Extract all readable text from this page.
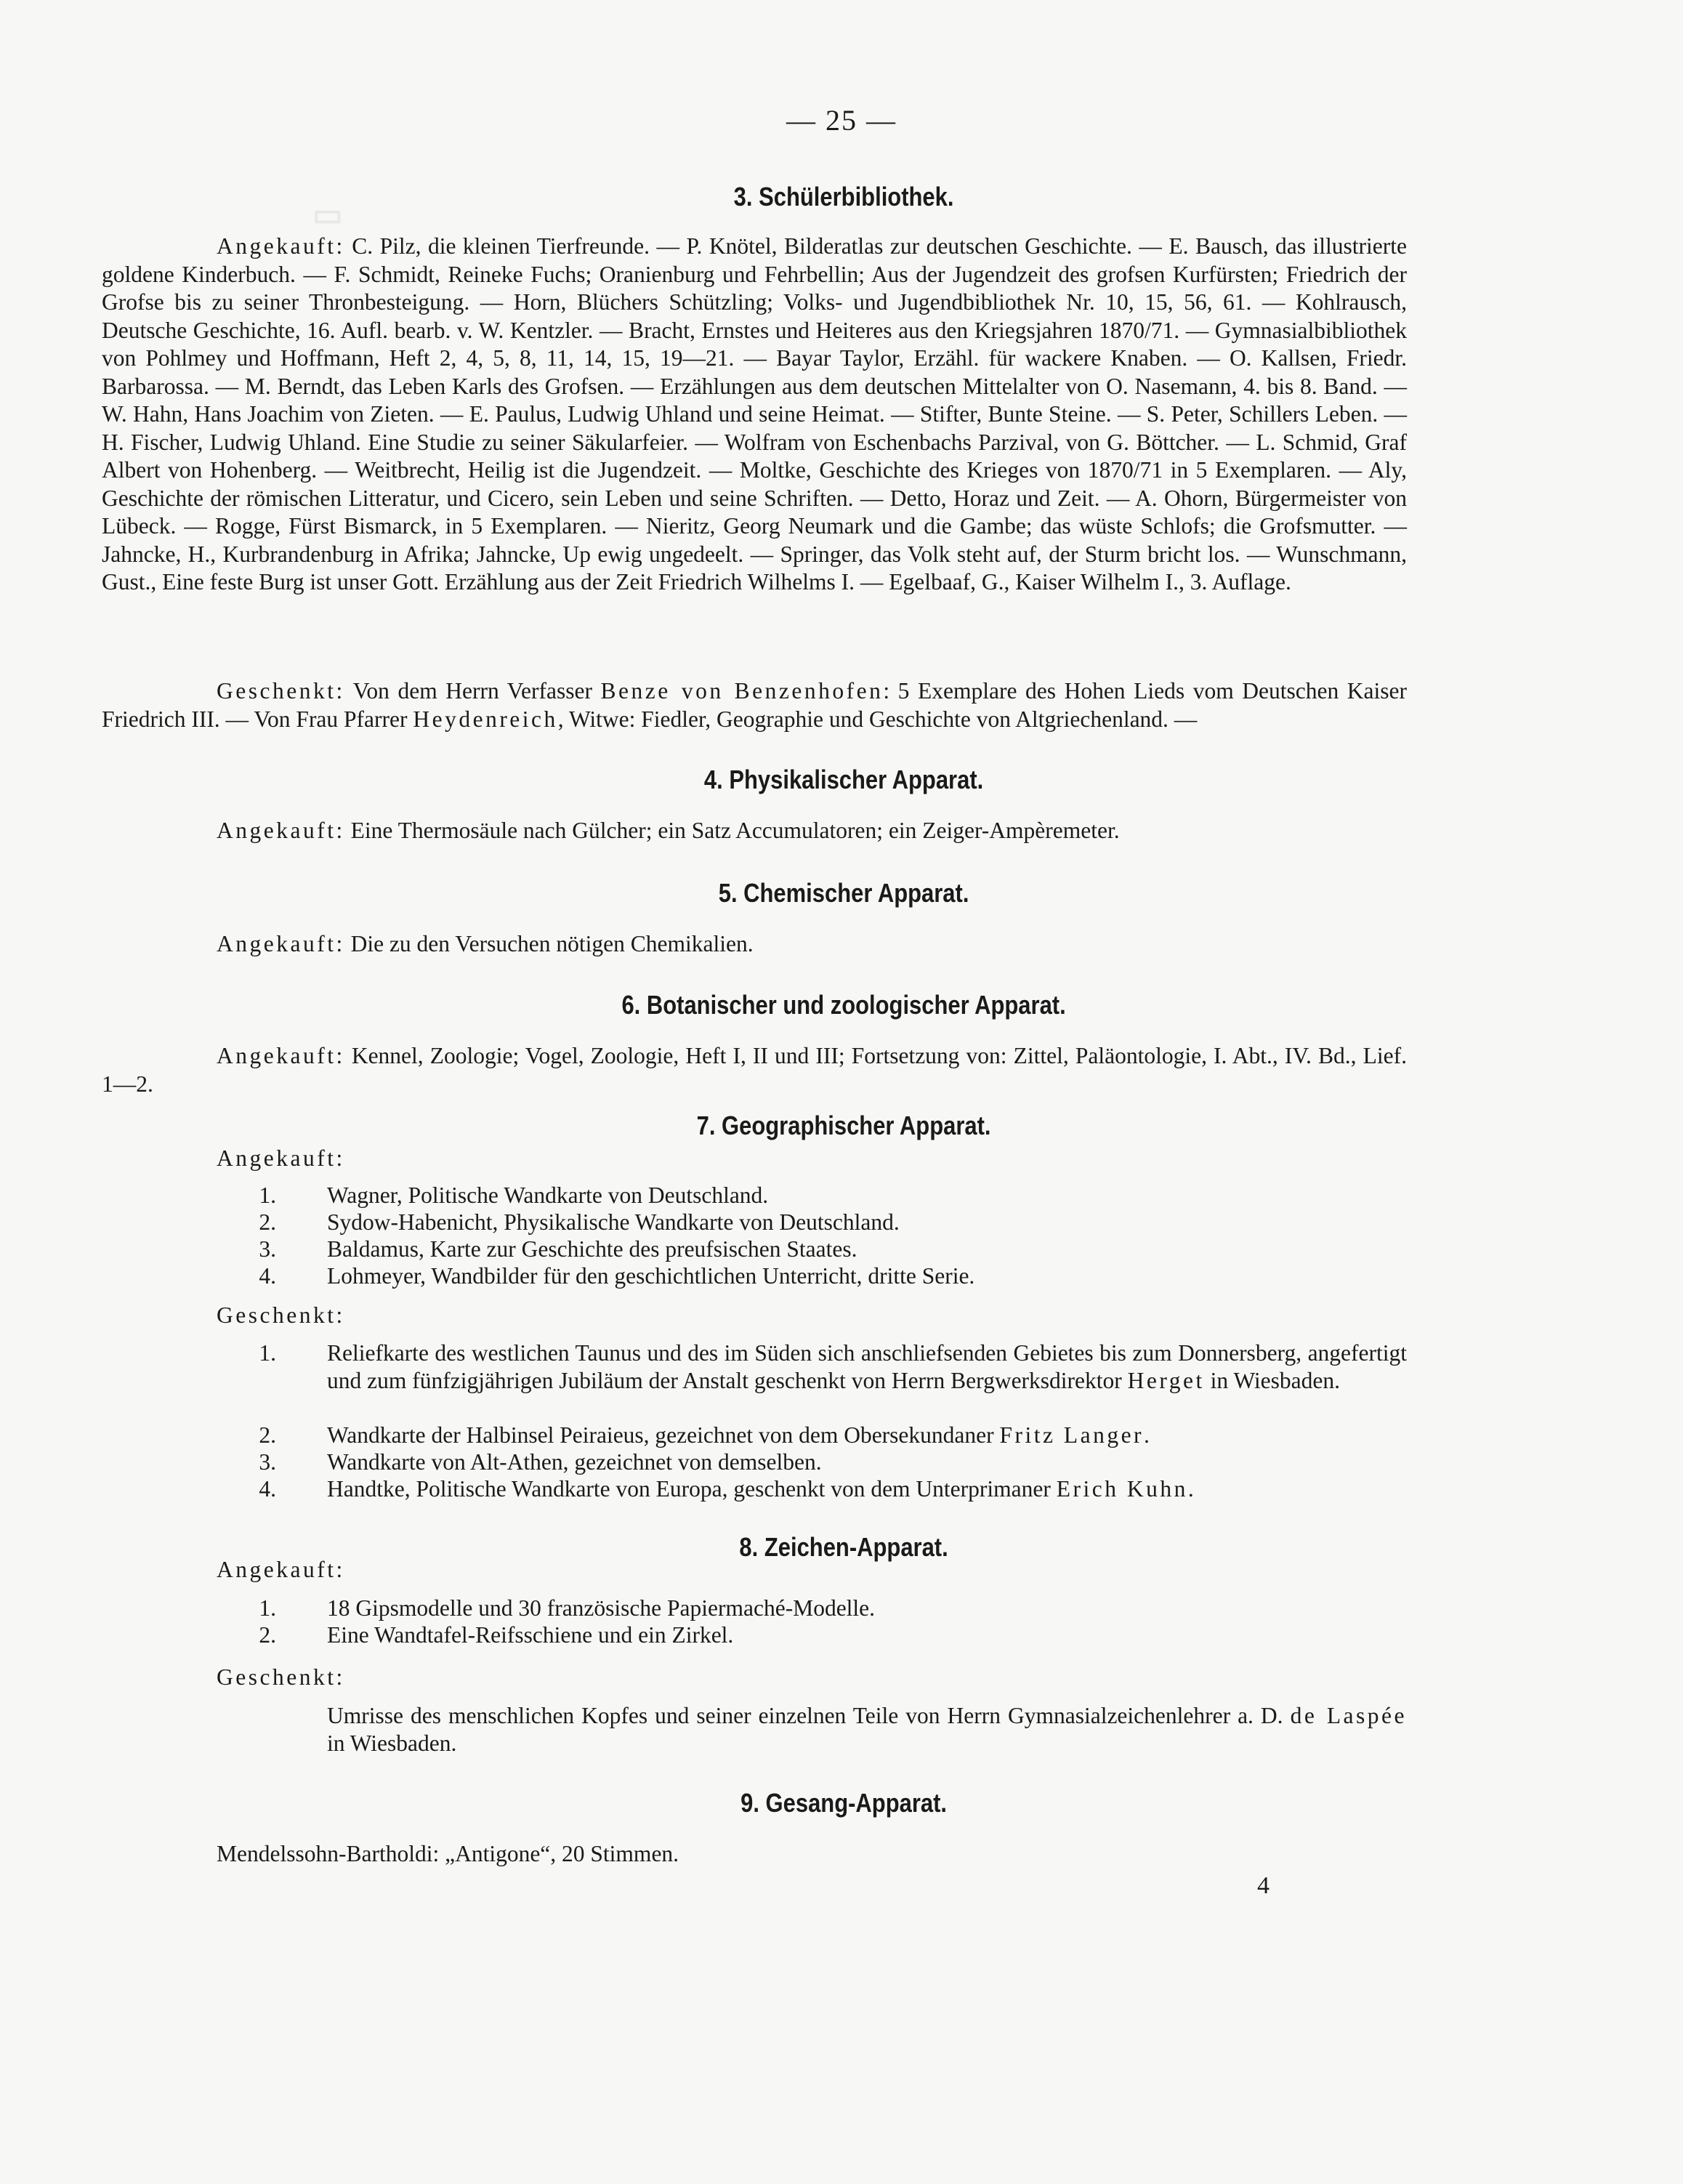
▭
— 25 —
3. Schülerbibliothek.
Angekauft: C. Pilz, die kleinen Tierfreunde. — P. Knötel, Bilderatlas zur deutschen Geschichte. — E. Bausch, das illustrierte goldene Kinderbuch. — F. Schmidt, Reineke Fuchs; Oranienburg und Fehrbellin; Aus der Jugendzeit des grofsen Kurfürsten; Friedrich der Grofse bis zu seiner Thronbesteigung. — Horn, Blüchers Schützling; Volks- und Jugendbibliothek Nr. 10, 15, 56, 61. — Kohlrausch, Deutsche Geschichte, 16. Aufl. bearb. v. W. Kentzler. — Bracht, Ernstes und Heiteres aus den Kriegsjahren 1870/71. — Gymnasialbibliothek von Pohlmey und Hoffmann, Heft 2, 4, 5, 8, 11, 14, 15, 19—21. — Bayar Taylor, Erzähl. für wackere Knaben. — O. Kallsen, Friedr. Barbarossa. — M. Berndt, das Leben Karls des Grofsen. — Erzählungen aus dem deutschen Mittelalter von O. Nasemann, 4. bis 8. Band. — W. Hahn, Hans Joachim von Zieten. — E. Paulus, Ludwig Uhland und seine Heimat. — Stifter, Bunte Steine. — S. Peter, Schillers Leben. — H. Fischer, Ludwig Uhland. Eine Studie zu seiner Säkularfeier. — Wolfram von Eschenbachs Parzival, von G. Böttcher. — L. Schmid, Graf Albert von Hohenberg. — Weitbrecht, Heilig ist die Jugendzeit. — Moltke, Geschichte des Krieges von 1870/71 in 5 Exemplaren. — Aly, Geschichte der römischen Litteratur, und Cicero, sein Leben und seine Schriften. — Detto, Horaz und Zeit. — A. Ohorn, Bürgermeister von Lübeck. — Rogge, Fürst Bismarck, in 5 Exemplaren. — Nieritz, Georg Neumark und die Gambe; das wüste Schlofs; die Grofsmutter. — Jahncke, H., Kurbrandenburg in Afrika; Jahncke, Up ewig ungedeelt. — Springer, das Volk steht auf, der Sturm bricht los. — Wunschmann, Gust., Eine feste Burg ist unser Gott. Erzählung aus der Zeit Friedrich Wilhelms I. — Egelbaaf, G., Kaiser Wilhelm I., 3. Auflage.
Geschenkt: Von dem Herrn Verfasser Benze von Benzenhofen: 5 Exemplare des Hohen Lieds vom Deutschen Kaiser Friedrich III. — Von Frau Pfarrer Heydenreich, Witwe: Fiedler, Geographie und Geschichte von Altgriechenland. —
4. Physikalischer Apparat.
Angekauft: Eine Thermosäule nach Gülcher; ein Satz Accumulatoren; ein Zeiger-Ampèremeter.
5. Chemischer Apparat.
Angekauft: Die zu den Versuchen nötigen Chemikalien.
6. Botanischer und zoologischer Apparat.
Angekauft: Kennel, Zoologie; Vogel, Zoologie, Heft I, II und III; Fortsetzung von: Zittel, Paläontologie, I. Abt., IV. Bd., Lief. 1—2.
7. Geographischer Apparat.
Angekauft:
1. Wagner, Politische Wandkarte von Deutschland.
2. Sydow-Habenicht, Physikalische Wandkarte von Deutschland.
3. Baldamus, Karte zur Geschichte des preufsischen Staates.
4. Lohmeyer, Wandbilder für den geschichtlichen Unterricht, dritte Serie.
Geschenkt:
1. Reliefkarte des westlichen Taunus und des im Süden sich anschliefsenden Gebietes bis zum Donnersberg, angefertigt und zum fünfzigjährigen Jubiläum der Anstalt geschenkt von Herrn Bergwerksdirektor Herget in Wiesbaden.
2. Wandkarte der Halbinsel Peiraieus, gezeichnet von dem Obersekundaner Fritz Langer.
3. Wandkarte von Alt-Athen, gezeichnet von demselben.
4. Handtke, Politische Wandkarte von Europa, geschenkt von dem Unterprimaner Erich Kuhn.
8. Zeichen-Apparat.
Angekauft:
1. 18 Gipsmodelle und 30 französische Papiermaché-Modelle.
2. Eine Wandtafel-Reifsschiene und ein Zirkel.
Geschenkt:
Umrisse des menschlichen Kopfes und seiner einzelnen Teile von Herrn Gymnasialzeichenlehrer a. D. de Laspée in Wiesbaden.
9. Gesang-Apparat.
Mendelssohn-Bartholdi: „Antigone“, 20 Stimmen.
4
